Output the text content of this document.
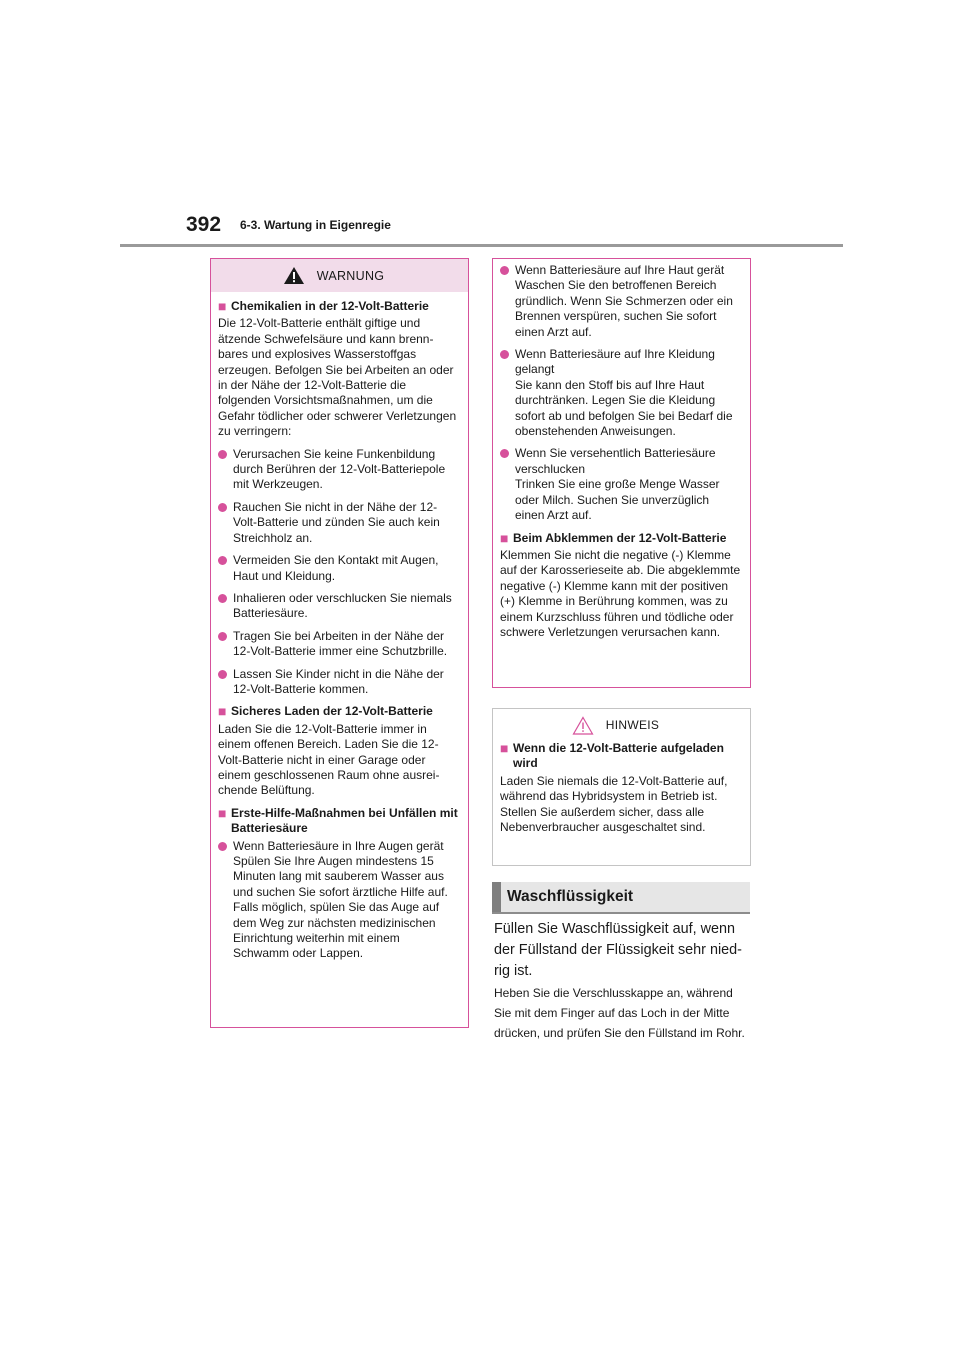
392 6-3. Wartung in Eigenregie
WARNUNG
■ Chemikalien in der 12-Volt-Batterie

Die 12-Volt-Batterie enthält giftige und ätzende Schwefelsäure und kann brennbares und explosives Wasserstoffgas erzeugen. Befolgen Sie bei Arbeiten an oder in der Nähe der 12-Volt-Batterie die folgenden Vorsichtsmaßnahmen, um die Gefahr tödlicher oder schwerer Verletzungen zu verringern:

Verursachen Sie keine Funkenbildung durch Berühren der 12-Volt-Batteriepole mit Werkzeugen.
Rauchen Sie nicht in der Nähe der 12-Volt-Batterie und zünden Sie auch kein Streichholz an.
Vermeiden Sie den Kontakt mit Augen, Haut und Kleidung.
Inhalieren oder verschlucken Sie niemals Batteriesäure.
Tragen Sie bei Arbeiten in der Nähe der 12-Volt-Batterie immer eine Schutzbrille.
Lassen Sie Kinder nicht in die Nähe der 12-Volt-Batterie kommen.
■ Sicheres Laden der 12-Volt-Batterie

Laden Sie die 12-Volt-Batterie immer in einem offenen Bereich. Laden Sie die 12-Volt-Batterie nicht in einer Garage oder einem geschlossenen Raum ohne ausreichende Belüftung.

■ Erste-Hilfe-Maßnahmen bei Unfällen mit Batteriesäure
Wenn Batteriesäure in Ihre Augen gerät
Spülen Sie Ihre Augen mindestens 15 Minuten lang mit sauberem Wasser aus und suchen Sie sofort ärztliche Hilfe auf. Falls möglich, spülen Sie das Auge auf dem Weg zur nächsten medizinischen Einrichtung weiterhin mit einem Schwamm oder Lappen.
Wenn Batteriesäure auf Ihre Haut gerät
Waschen Sie den betroffenen Bereich gründlich. Wenn Sie Schmerzen oder ein Brennen verspüren, suchen Sie sofort einen Arzt auf.
Wenn Batteriesäure auf Ihre Kleidung gelangt
Sie kann den Stoff bis auf Ihre Haut durchtränken. Legen Sie die Kleidung sofort ab und befolgen Sie bei Bedarf die obenstehenden Anweisungen.
Wenn Sie versehentlich Batteriesäure verschlucken
Trinken Sie eine große Menge Wasser oder Milch. Suchen Sie unverzüglich einen Arzt auf.
■ Beim Abklemmen der 12-Volt-Batterie

Klemmen Sie nicht die negative (-) Klemme auf der Karosserieseite ab. Die abgeklemmte negative (-) Klemme kann mit der positiven (+) Klemme in Berührung kommen, was zu einem Kurzschluss führen und tödliche oder schwere Verletzungen verursachen kann.

HINWEIS
■ Wenn die 12-Volt-Batterie aufgeladen wird

Laden Sie niemals die 12-Volt-Batterie auf, während das Hybridsystem in Betrieb ist. Stellen Sie außerdem sicher, dass alle Nebenverbraucher ausgeschaltet sind.

Waschflüssigkeit
Füllen Sie Waschflüssigkeit auf, wenn der Füllstand der Flüssigkeit sehr niedrig ist.
Heben Sie die Verschlusskappe an, während Sie mit dem Finger auf das Loch in der Mitte drücken, und prüfen Sie den Füllstand im Rohr.
